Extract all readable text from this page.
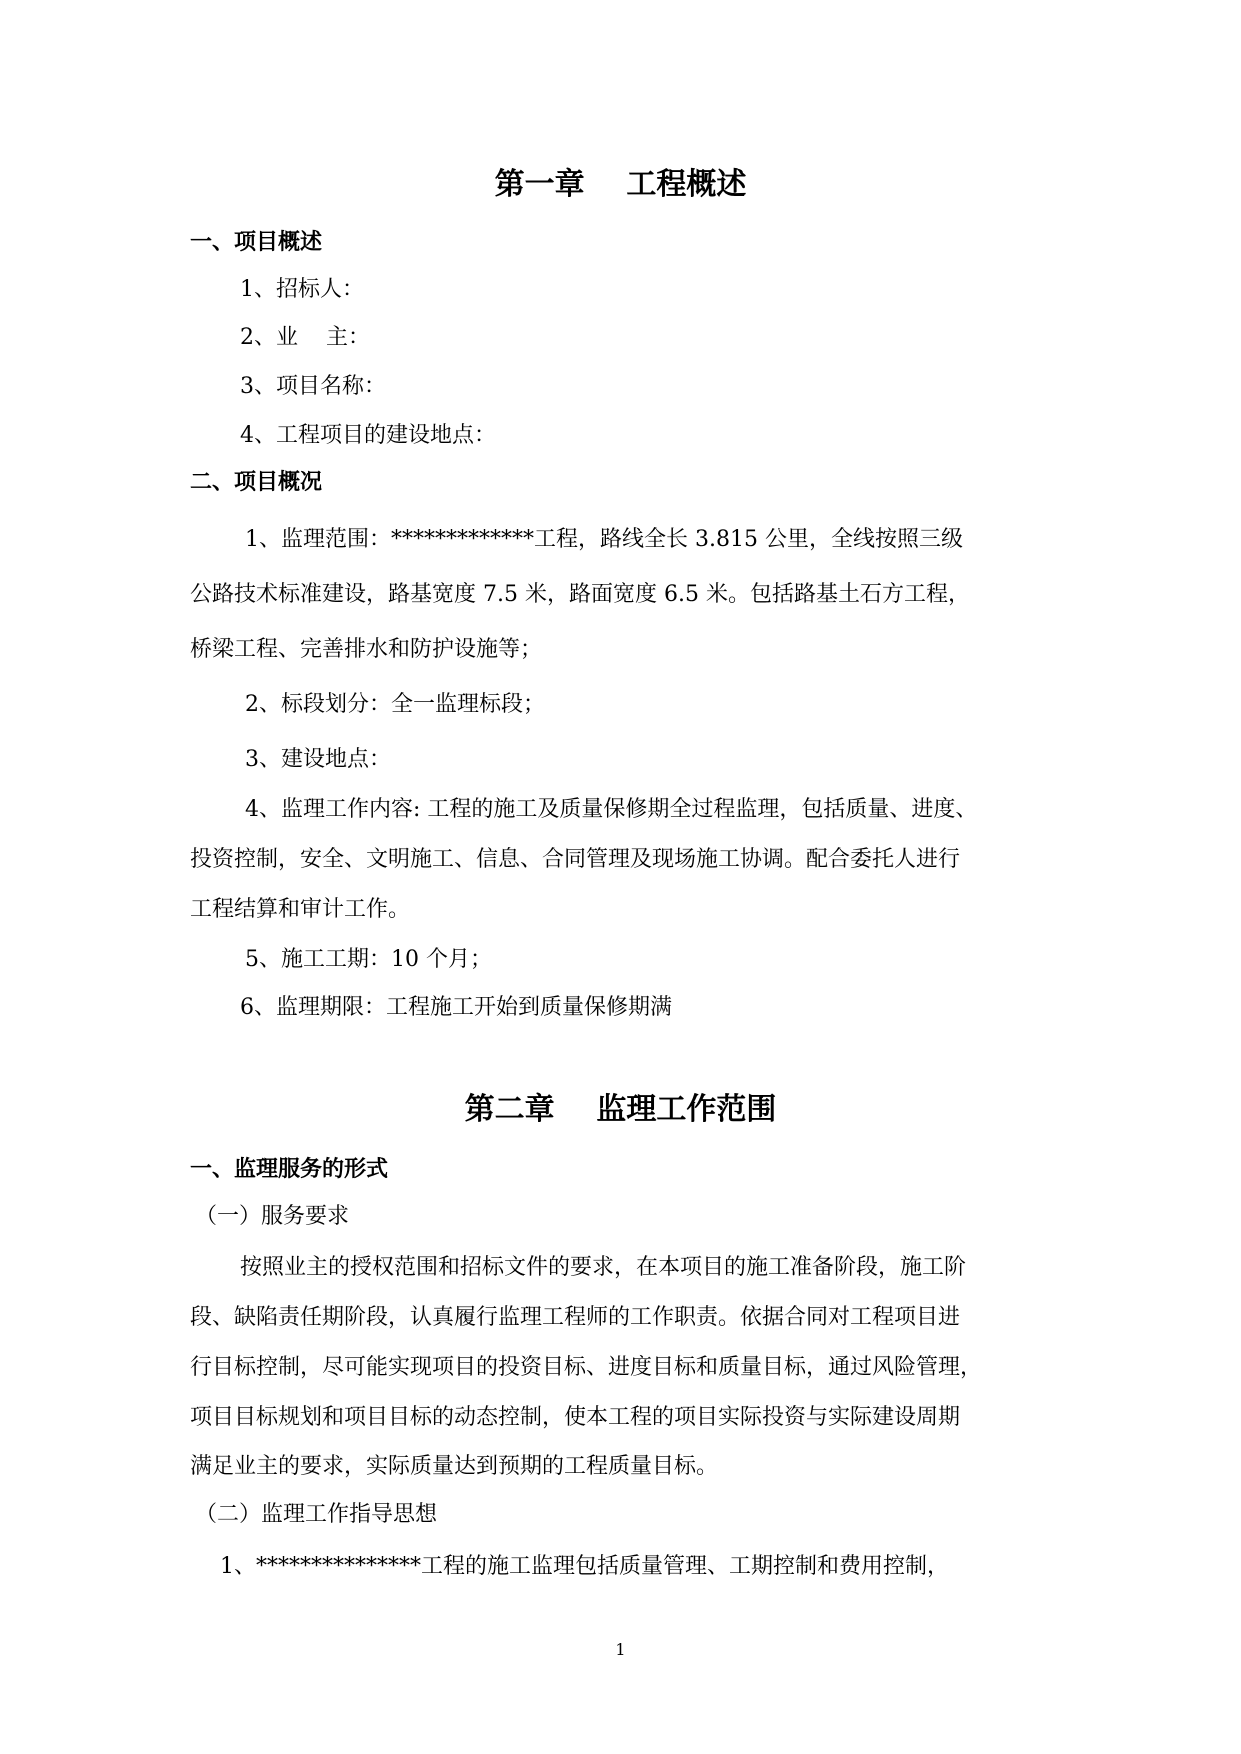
第一章    工程概述
一、项目概述
1、招标人：
2、业    主：
3、项目名称：
4、工程项目的建设地点：
二、项目概况
1、监理范围：*************工程，路线全长 3.815 公里，全线按照三级
公路技术标准建设，路基宽度 7.5 米，路面宽度 6.5 米。包括路基土石方工程，
桥梁工程、完善排水和防护设施等；
2、标段划分：全一监理标段；
3、建设地点：
4、监理工作内容: 工程的施工及质量保修期全过程监理，包括质量、进度、
投资控制，安全、文明施工、信息、合同管理及现场施工协调。配合委托人进行
工程结算和审计工作。
5、施工工期：10 个月；
6、监理期限：工程施工开始到质量保修期满
第二章    监理工作范围
一、监理服务的形式
（一）服务要求
按照业主的授权范围和招标文件的要求，在本项目的施工准备阶段，施工阶
段、缺陷责任期阶段，认真履行监理工程师的工作职责。依据合同对工程项目进
行目标控制，尽可能实现项目的投资目标、进度目标和质量目标，通过风险管理，
项目目标规划和项目目标的动态控制，使本工程的项目实际投资与实际建设周期
满足业主的要求，实际质量达到预期的工程质量目标。
（二）监理工作指导思想
1、***************工程的施工监理包括质量管理、工期控制和费用控制，
1
